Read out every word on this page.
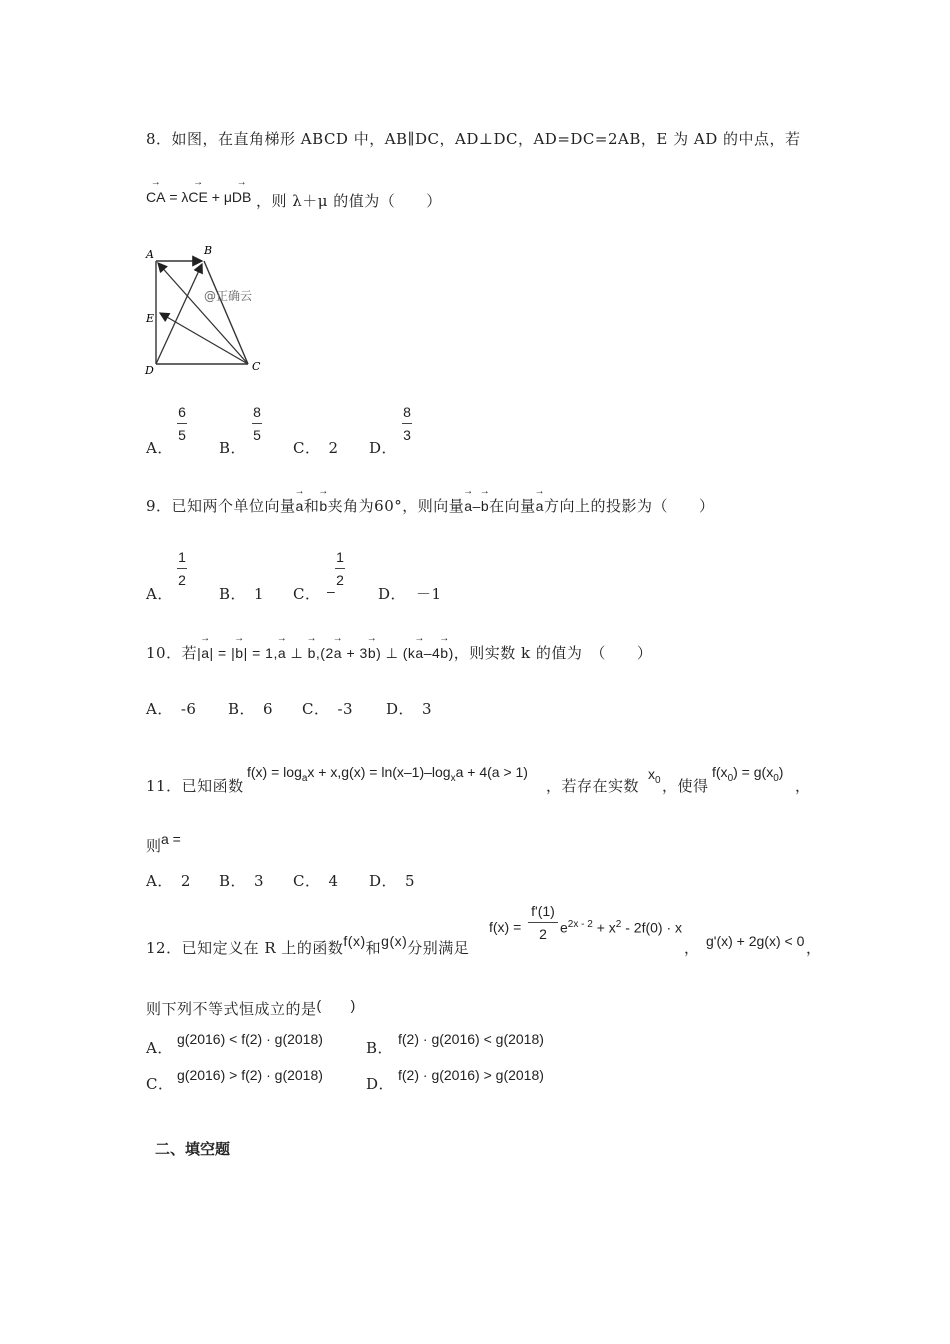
8．如图，在直角梯形 ABCD 中，AB∥DC，AD⊥DC，AD=DC=2AB，E 为 AD 的中点，若
→ CA = λ→ CE + μ→ DB ，则 λ＋μ 的值为（　　）
A	B
E
D	C
@正确云
A．
6
5
B．
8
5
C． 2 D．
8
3
9．已知两个单位向量→ a和→ b夹角为60°，则向量→ a–→ b在向量→ a方向上的投影为（　　）
A．
1
2
B． 1 C． –
1
2
D． －1
10．若|→ a| = |→ b| = 1,→ a ⊥ → b,(2→ a + 3→ b) ⊥ (k→ a–4→ b)，则实数 k 的值为　（　　）
A．　-6 B．　6 C．　-3 D．　3
11．已知函数
$f(x) = \log_ax + x,g(x) = \ln(x-1)-\log_xa + 4(a > 1)$
，若存在实数
$x_0$ ，使得
$f(x_0) = g(x_0)$
，
则 a =
A．　2 B．　3 C．　4 D．　5
12．已知定义在 R 上的函数f(x)和g(x)分别满足
f(x) =
f'(1)
2 $e^{2x - 2} + x^2 - 2f(0) \cdot x$
， g'(x) + 2g(x) < 0 ，
则下列不等式恒成立的是(　　)
A． g(2016) < f(2) · g(2018)	B． f(2) · g(2016) < g(2018)
C． g(2016) > f(2) · g(2018)	D． f(2) · g(2016) > g(2018)
二、填空题
